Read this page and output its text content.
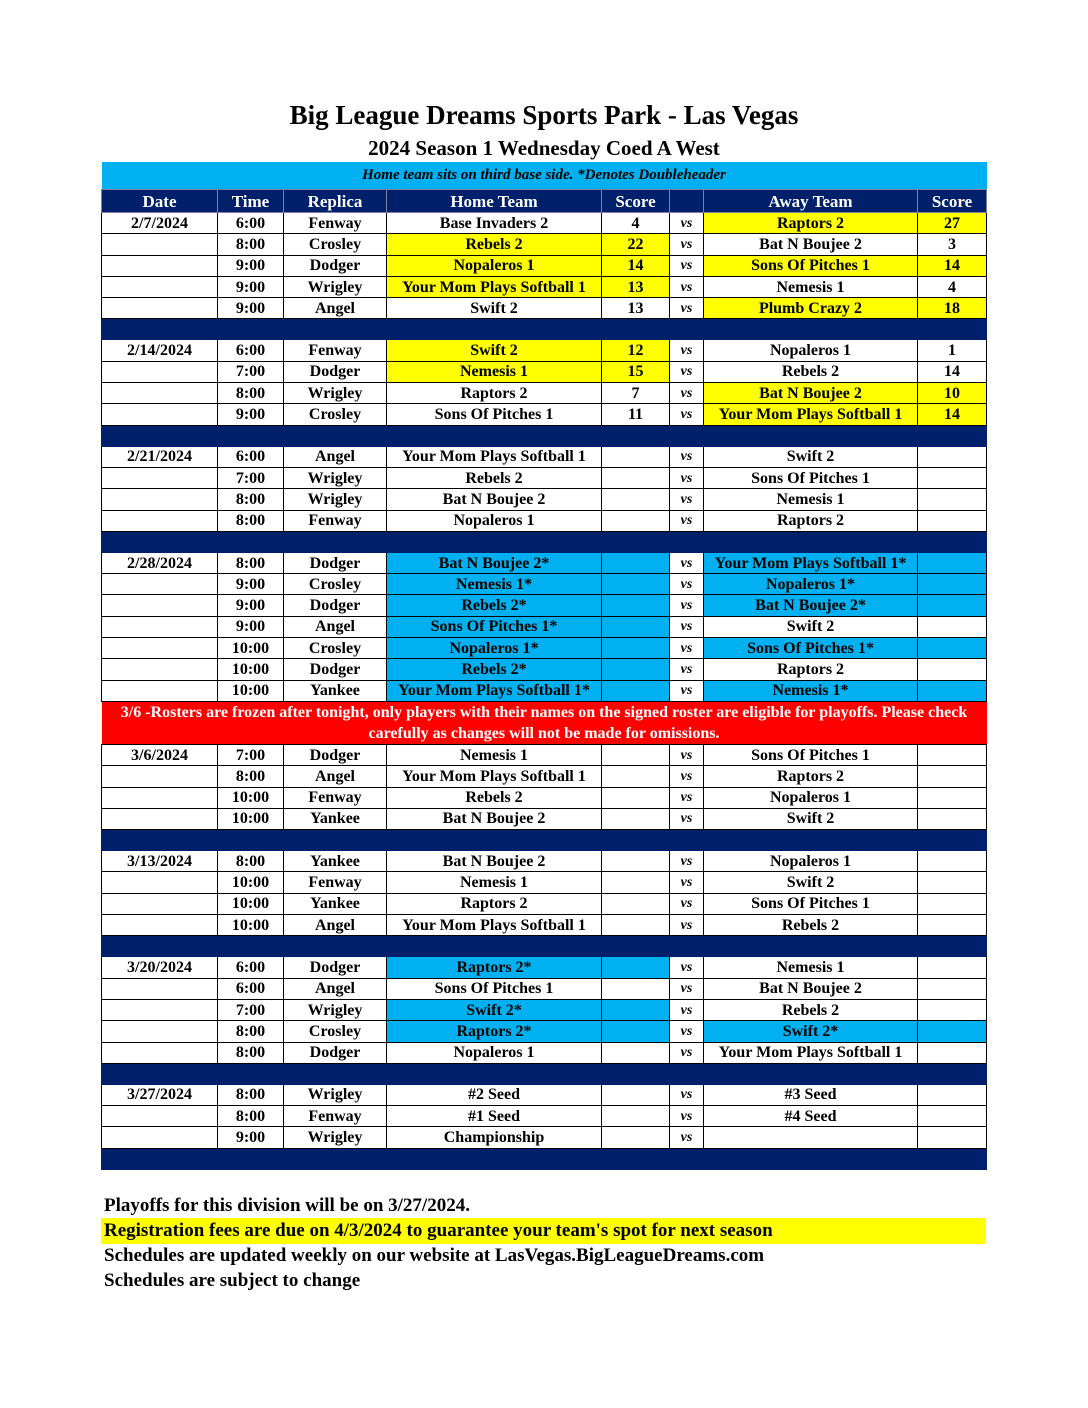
Big League Dreams Sports Park - Las Vegas
2024 Season 1 Wednesday Coed A West
Home team sits on third base side. *Denotes Doubleheader							
Date	Time	Replica	Home Team	Score		Away Team	Score
2/7/2024	6:00	Fenway	Base Invaders 2	4	vs	Raptors 2	27
	8:00	Crosley	Rebels 2	22	vs	Bat N Boujee 2	3
	9:00	Dodger	Nopaleros 1	14	vs	Sons Of Pitches 1	14
	9:00	Wrigley	Your Mom Plays Softball 1	13	vs	Nemesis 1	4
	9:00	Angel	Swift 2	13	vs	Plumb Crazy 2	18

2/14/2024	6:00	Fenway	Swift 2	12	vs	Nopaleros 1	1
	7:00	Dodger	Nemesis 1	15	vs	Rebels 2	14
	8:00	Wrigley	Raptors 2	7	vs	Bat N Boujee 2	10
	9:00	Crosley	Sons Of Pitches 1	11	vs	Your Mom Plays Softball 1	14

2/21/2024	6:00	Angel	Your Mom Plays Softball 1		vs	Swift 2	
	7:00	Wrigley	Rebels 2		vs	Sons Of Pitches 1	
	8:00	Wrigley	Bat N Boujee 2		vs	Nemesis 1	
	8:00	Fenway	Nopaleros 1		vs	Raptors 2	

2/28/2024	8:00	Dodger	Bat N Boujee 2*		vs	Your Mom Plays Softball 1*	
	9:00	Crosley	Nemesis 1*		vs	Nopaleros 1*	
	9:00	Dodger	Rebels 2*		vs	Bat N Boujee 2*	
	9:00	Angel	Sons Of Pitches 1*		vs	Swift 2	
	10:00	Crosley	Nopaleros 1*		vs	Sons Of Pitches 1*	
	10:00	Dodger	Rebels 2*		vs	Raptors 2	
	10:00	Yankee	Your Mom Plays Softball 1*		vs	Nemesis 1*	
3/6 -Rosters are frozen after tonight, only players with their names on the signed roster are eligible for playoffs. Please check carefully as changes will not be made for omissions.							
3/6/2024	7:00	Dodger	Nemesis 1		vs	Sons Of Pitches 1	
	8:00	Angel	Your Mom Plays Softball 1		vs	Raptors 2	
	10:00	Fenway	Rebels 2		vs	Nopaleros 1	
	10:00	Yankee	Bat N Boujee 2		vs	Swift 2	

3/13/2024	8:00	Yankee	Bat N Boujee 2		vs	Nopaleros 1	
	10:00	Fenway	Nemesis 1		vs	Swift 2	
	10:00	Yankee	Raptors 2		vs	Sons Of Pitches 1	
	10:00	Angel	Your Mom Plays Softball 1		vs	Rebels 2	

3/20/2024	6:00	Dodger	Raptors 2*		vs	Nemesis 1	
	6:00	Angel	Sons Of Pitches 1		vs	Bat N Boujee 2	
	7:00	Wrigley	Swift 2*		vs	Rebels 2	
	8:00	Crosley	Raptors 2*		vs	Swift 2*	
	8:00	Dodger	Nopaleros 1		vs	Your Mom Plays Softball 1	

3/27/2024	8:00	Wrigley	#2 Seed		vs	#3 Seed	
	8:00	Fenway	#1 Seed		vs	#4 Seed	
	9:00	Wrigley	Championship		vs		

Playoffs for this division will be on 3/27/2024.
Registration fees are due on 4/3/2024 to guarantee your team's spot for next season
Schedules are updated weekly on our website at LasVegas.BigLeagueDreams.com
Schedules are subject to change
